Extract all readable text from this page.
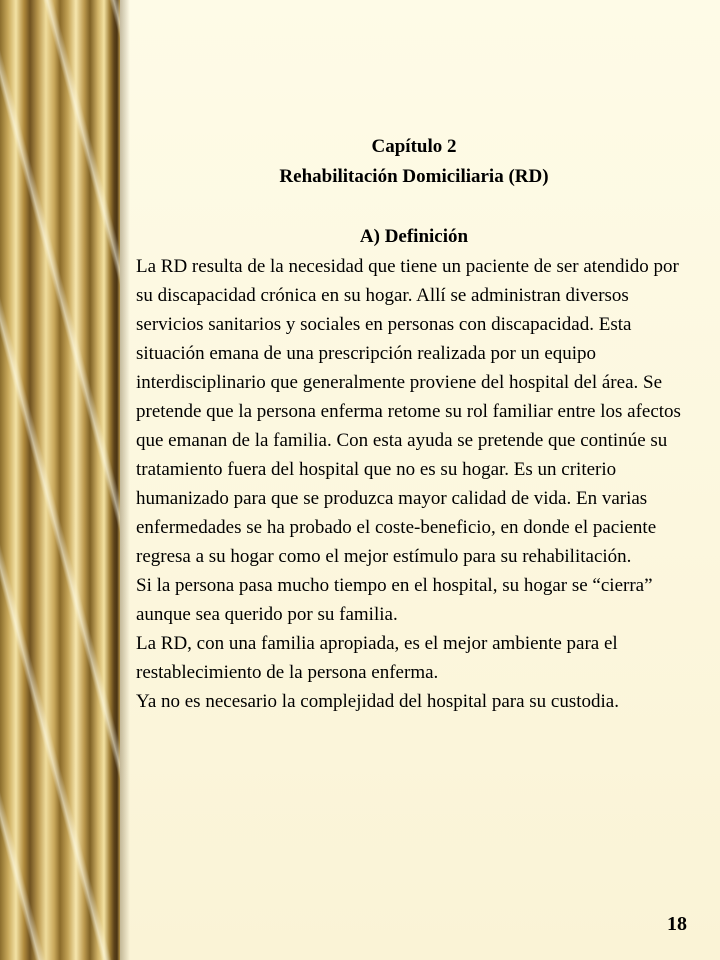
Capítulo 2
Rehabilitación Domiciliaria (RD)
A) Definición

La RD resulta de la necesidad que tiene un paciente de ser atendido por su discapacidad crónica en su hogar. Allí se administran diversos servicios sanitarios y sociales en personas con discapacidad. Esta situación emana de una prescripción realizada por un equipo interdisciplinario que generalmente proviene del hospital del área. Se pretende que la persona enferma retome su rol familiar entre los afectos que emanan de la familia. Con esta ayuda se pretende que continúe su tratamiento fuera del hospital que no es su hogar. Es un criterio humanizado para que se produzca mayor calidad de vida. En varias enfermedades se ha probado el coste-beneficio, en donde el paciente regresa a su hogar como el mejor estímulo para su rehabilitación.

Si la persona pasa mucho tiempo en el hospital, su hogar se “cierra” aunque sea querido por su familia.

La RD, con una familia apropiada, es el mejor ambiente para el restablecimiento de la persona enferma.

Ya no es necesario la complejidad del hospital para su custodia.

18
